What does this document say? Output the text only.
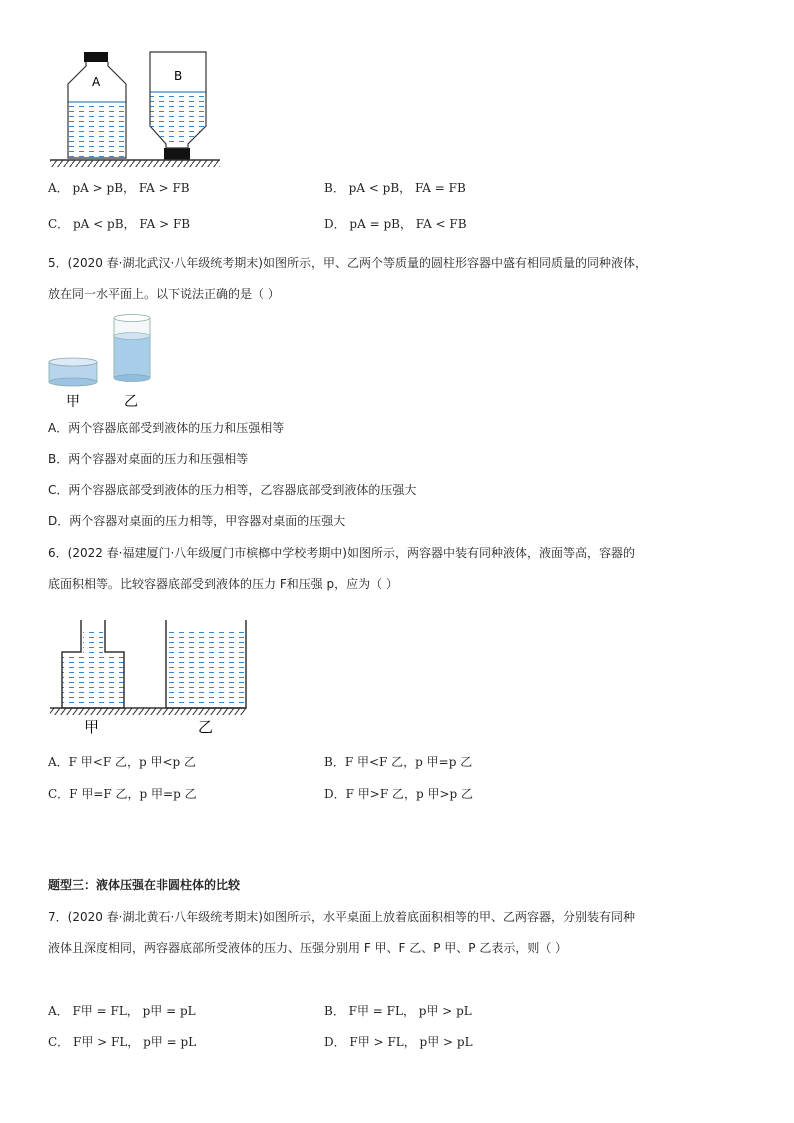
A	B
A． pA > pB， FA > FB	B． pA < pB， FA = FB
C． pA < pB， FA > FB	D． pA = pB， FA < FB
5．(2020 春·湖北武汉·八年级统考期末)如图所示，甲、乙两个等质量的圆柱形容器中盛有相同质量的同种液体，
放在同一水平面上。以下说法正确的是（ ）
甲	乙
A．两个容器底部受到液体的压力和压强相等
B．两个容器对桌面的压力和压强相等
C．两个容器底部受到液体的压力相等，乙容器底部受到液体的压强大
D．两个容器对桌面的压力相等，甲容器对桌面的压强大
6．(2022 春·福建厦门·八年级厦门市槟榔中学校考期中)如图所示，两容器中装有同种液体，液面等高，容器的
底面积相等。比较容器底部受到液体的压力 F和压强 p，应为（ ）
甲	乙
A．F 甲<F 乙，p 甲<p 乙	B．F 甲<F 乙，p 甲=p 乙
C．F 甲=F 乙，p 甲=p 乙	D．F 甲>F 乙，p 甲>p 乙
题型三：液体压强在非圆柱体的比较
7．(2020 春·湖北黄石·八年级统考期末)如图所示，水平桌面上放着底面积相等的甲、乙两容器，分别装有同种
液体且深度相同，两容器底部所受液体的压力、压强分别用 F 甲、F 乙、P 甲、P 乙表示，则（ ）
A． F甲 = FL， p甲 = pL	B． F甲 = FL， p甲 > pL
C． F甲 > FL， p甲 = pL	D． F甲 > FL， p甲 > pL
